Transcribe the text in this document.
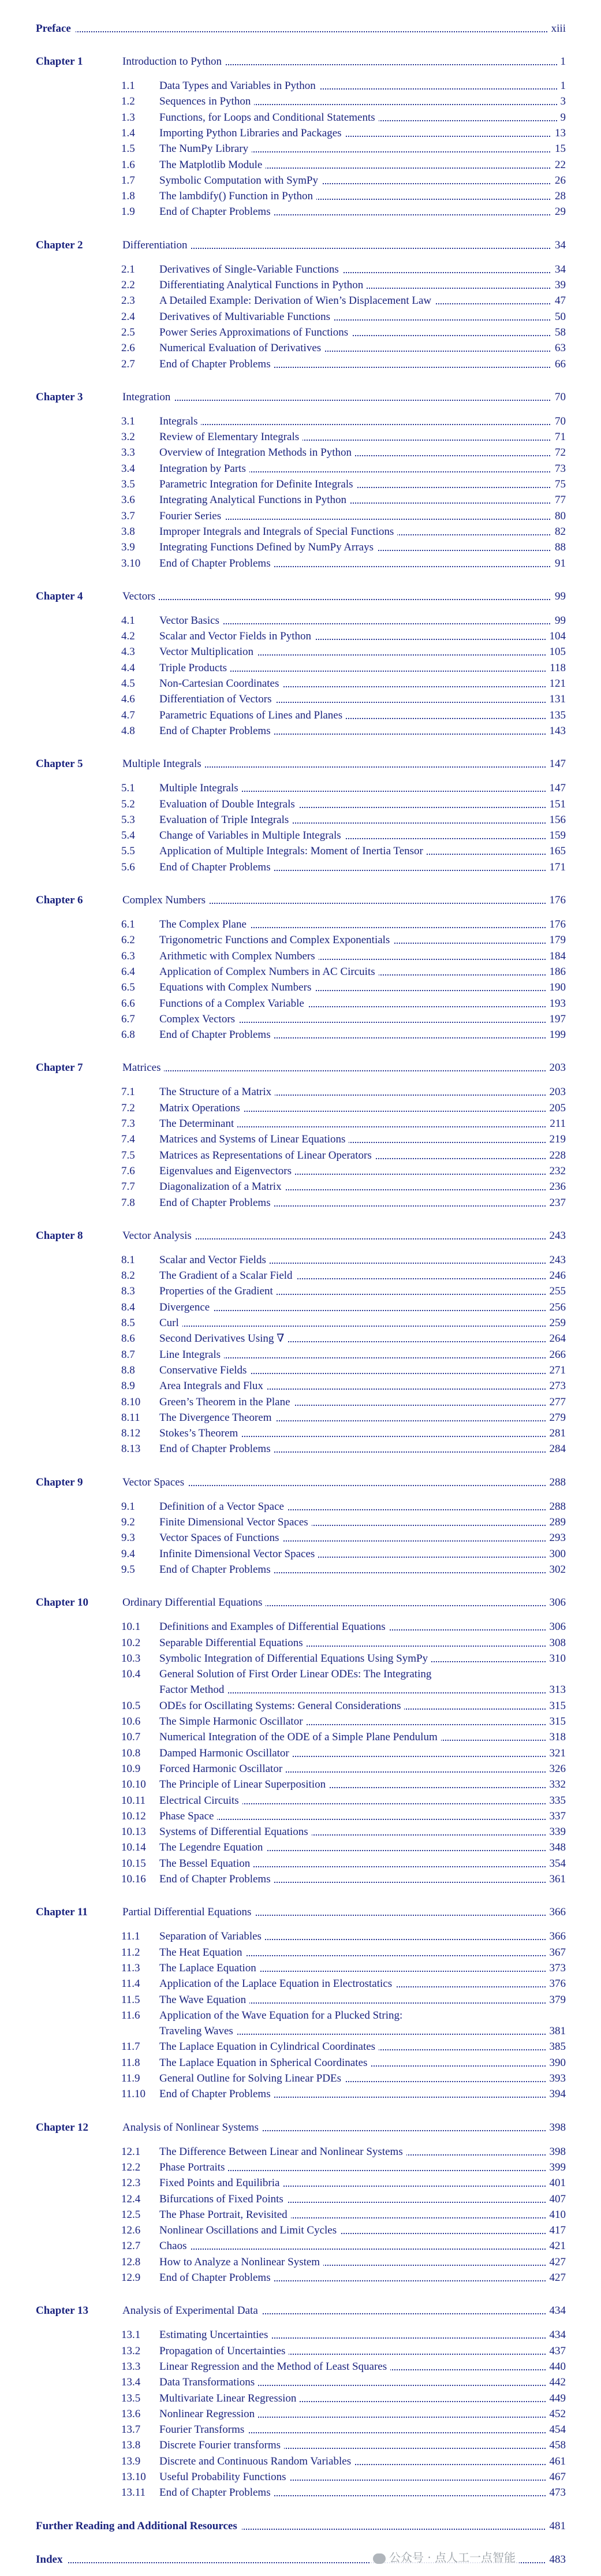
Preface	xiii
Chapter 1	Introduction to Python	1
1.1	Data Types and Variables in Python	1
1.2	Sequences in Python	3
1.3	Functions, for Loops and Conditional Statements	9
1.4	Importing Python Libraries and Packages	13
1.5	The NumPy Library	15
1.6	The Matplotlib Module	22
1.7	Symbolic Computation with SymPy	26
1.8	The lambdify() Function in Python	28
1.9	End of Chapter Problems	29
Chapter 2	Differentiation	34
2.1	Derivatives of Single-Variable Functions	34
2.2	Differentiating Analytical Functions in Python	39
2.3	A Detailed Example: Derivation of Wien’s Displacement Law	47
2.4	Derivatives of Multivariable Functions	50
2.5	Power Series Approximations of Functions	58
2.6	Numerical Evaluation of Derivatives	63
2.7	End of Chapter Problems	66
Chapter 3	Integration	70
3.1	Integrals	70
3.2	Review of Elementary Integrals	71
3.3	Overview of Integration Methods in Python	72
3.4	Integration by Parts	73
3.5	Parametric Integration for Definite Integrals	75
3.6	Integrating Analytical Functions in Python	77
3.7	Fourier Series	80
3.8	Improper Integrals and Integrals of Special Functions	82
3.9	Integrating Functions Defined by NumPy Arrays	88
3.10	End of Chapter Problems	91
Chapter 4	Vectors	99
4.1	Vector Basics	99
4.2	Scalar and Vector Fields in Python	104
4.3	Vector Multiplication	105
4.4	Triple Products	118
4.5	Non-Cartesian Coordinates	121
4.6	Differentiation of Vectors	131
4.7	Parametric Equations of Lines and Planes	135
4.8	End of Chapter Problems	143
Chapter 5	Multiple Integrals	147
5.1	Multiple Integrals	147
5.2	Evaluation of Double Integrals	151
5.3	Evaluation of Triple Integrals	156
5.4	Change of Variables in Multiple Integrals	159
5.5	Application of Multiple Integrals: Moment of Inertia Tensor	165
5.6	End of Chapter Problems	171
Chapter 6	Complex Numbers	176
6.1	The Complex Plane	176
6.2	Trigonometric Functions and Complex Exponentials	179
6.3	Arithmetic with Complex Numbers	184
6.4	Application of Complex Numbers in AC Circuits	186
6.5	Equations with Complex Numbers	190
6.6	Functions of a Complex Variable	193
6.7	Complex Vectors	197
6.8	End of Chapter Problems	199
Chapter 7	Matrices	203
7.1	The Structure of a Matrix	203
7.2	Matrix Operations	205
7.3	The Determinant	211
7.4	Matrices and Systems of Linear Equations	219
7.5	Matrices as Representations of Linear Operators	228
7.6	Eigenvalues and Eigenvectors	232
7.7	Diagonalization of a Matrix	236
7.8	End of Chapter Problems	237
Chapter 8	Vector Analysis	243
8.1	Scalar and Vector Fields	243
8.2	The Gradient of a Scalar Field	246
8.3	Properties of the Gradient	255
8.4	Divergence	256
8.5	Curl	259
8.6	Second Derivatives Using ∇	264
8.7	Line Integrals	266
8.8	Conservative Fields	271
8.9	Area Integrals and Flux	273
8.10	Green’s Theorem in the Plane	277
8.11	The Divergence Theorem	279
8.12	Stokes’s Theorem	281
8.13	End of Chapter Problems	284
Chapter 9	Vector Spaces	288
9.1	Definition of a Vector Space	288
9.2	Finite Dimensional Vector Spaces	289
9.3	Vector Spaces of Functions	293
9.4	Infinite Dimensional Vector Spaces	300
9.5	End of Chapter Problems	302
Chapter 10	Ordinary Differential Equations	306
10.1	Definitions and Examples of Differential Equations	306
10.2	Separable Differential Equations	308
10.3	Symbolic Integration of Differential Equations Using SymPy	310
10.4	General Solution of First Order Linear ODEs: The Integrating
Factor Method	313
10.5	ODEs for Oscillating Systems: General Considerations	315
10.6	The Simple Harmonic Oscillator	315
10.7	Numerical Integration of the ODE of a Simple Plane Pendulum	318
10.8	Damped Harmonic Oscillator	321
10.9	Forced Harmonic Oscillator	326
10.10	The Principle of Linear Superposition	332
10.11	Electrical Circuits	335
10.12	Phase Space	337
10.13	Systems of Differential Equations	339
10.14	The Legendre Equation	348
10.15	The Bessel Equation	354
10.16	End of Chapter Problems	361
Chapter 11	Partial Differential Equations	366
11.1	Separation of Variables	366
11.2	The Heat Equation	367
11.3	The Laplace Equation	373
11.4	Application of the Laplace Equation in Electrostatics	376
11.5	The Wave Equation	379
11.6	Application of the Wave Equation for a Plucked String:
Traveling Waves	381
11.7	The Laplace Equation in Cylindrical Coordinates	385
11.8	The Laplace Equation in Spherical Coordinates	390
11.9	General Outline for Solving Linear PDEs	393
11.10	End of Chapter Problems	394
Chapter 12	Analysis of Nonlinear Systems	398
12.1	The Difference Between Linear and Nonlinear Systems	398
12.2	Phase Portraits	399
12.3	Fixed Points and Equilibria	401
12.4	Bifurcations of Fixed Points	407
12.5	The Phase Portrait, Revisited	410
12.6	Nonlinear Oscillations and Limit Cycles	417
12.7	Chaos	421
12.8	How to Analyze a Nonlinear System	427
12.9	End of Chapter Problems	427
Chapter 13	Analysis of Experimental Data	434
13.1	Estimating Uncertainties	434
13.2	Propagation of Uncertainties	437
13.3	Linear Regression and the Method of Least Squares	440
13.4	Data Transformations	442
13.5	Multivariate Linear Regression	449
13.6	Nonlinear Regression	452
13.7	Fourier Transforms	454
13.8	Discrete Fourier transforms	458
13.9	Discrete and Continuous Random Variables	461
13.10	Useful Probability Functions	467
13.11	End of Chapter Problems	473
Further Reading and Additional Resources	481
Index	483
公众号 · 点人工一点智能
